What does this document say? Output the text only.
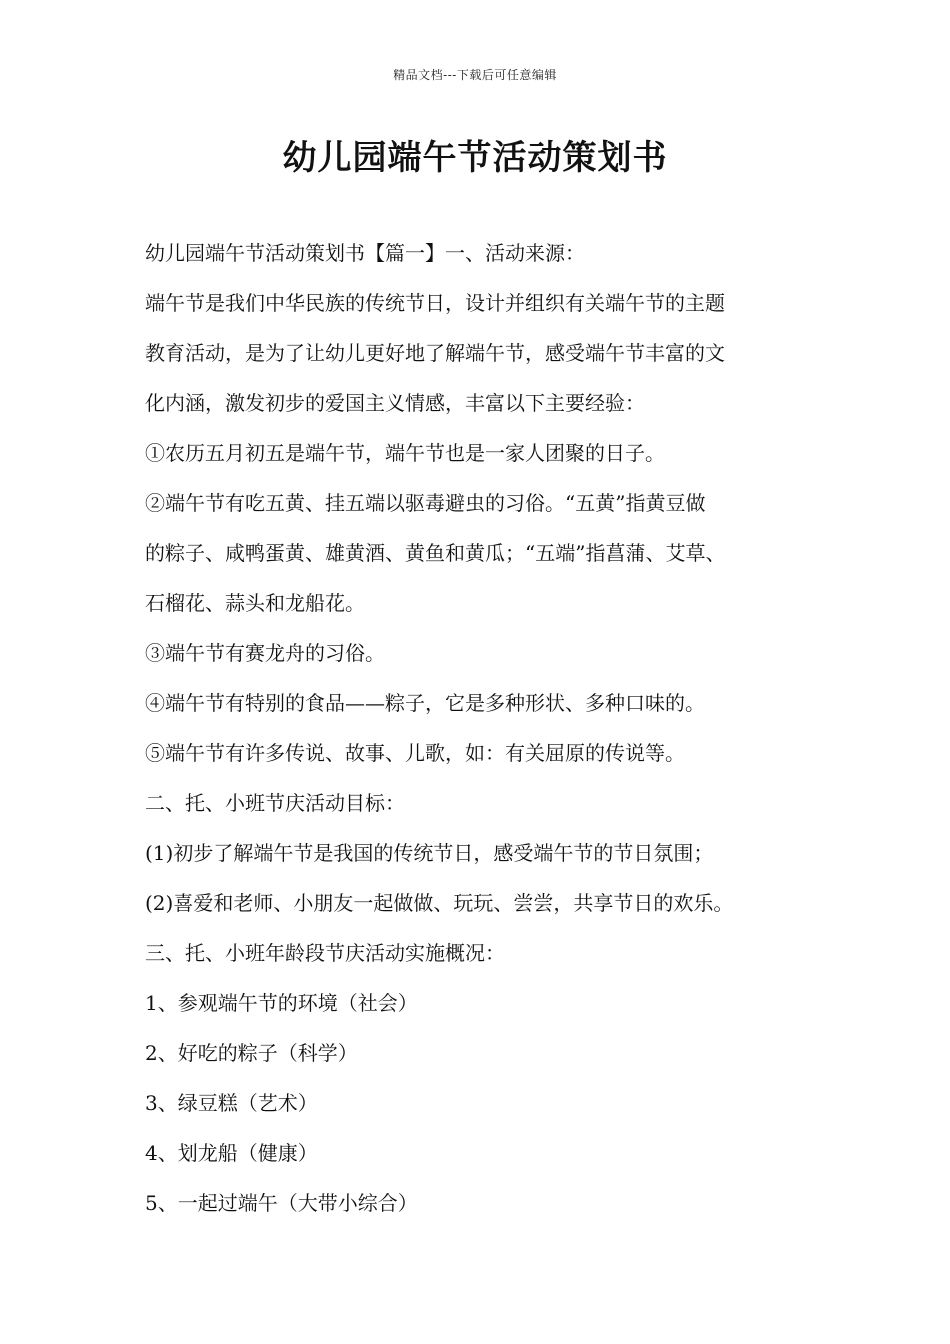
精品文档---下载后可任意编辑
幼儿园端午节活动策划书
幼儿园端午节活动策划书【篇一】一、活动来源：
端午节是我们中华民族的传统节日，设计并组织有关端午节的主题
教育活动，是为了让幼儿更好地了解端午节，感受端午节丰富的文
化内涵，激发初步的爱国主义情感，丰富以下主要经验：
①农历五月初五是端午节，端午节也是一家人团聚的日子。
②端午节有吃五黄、挂五端以驱毒避虫的习俗。“五黄”指黄豆做
的粽子、咸鸭蛋黄、雄黄酒、黄鱼和黄瓜；“五端”指菖蒲、艾草、
石榴花、蒜头和龙船花。
③端午节有赛龙舟的习俗。
④端午节有特别的食品——粽子，它是多种形状、多种口味的。
⑤端午节有许多传说、故事、儿歌，如：有关屈原的传说等。
二、托、小班节庆活动目标：
(1)初步了解端午节是我国的传统节日，感受端午节的节日氛围；
(2)喜爱和老师、小朋友一起做做、玩玩、尝尝，共享节日的欢乐。
三、托、小班年龄段节庆活动实施概况：
1、参观端午节的环境（社会）
2、好吃的粽子（科学）
3、绿豆糕（艺术）
4、划龙船（健康）
5、一起过端午（大带小综合）
